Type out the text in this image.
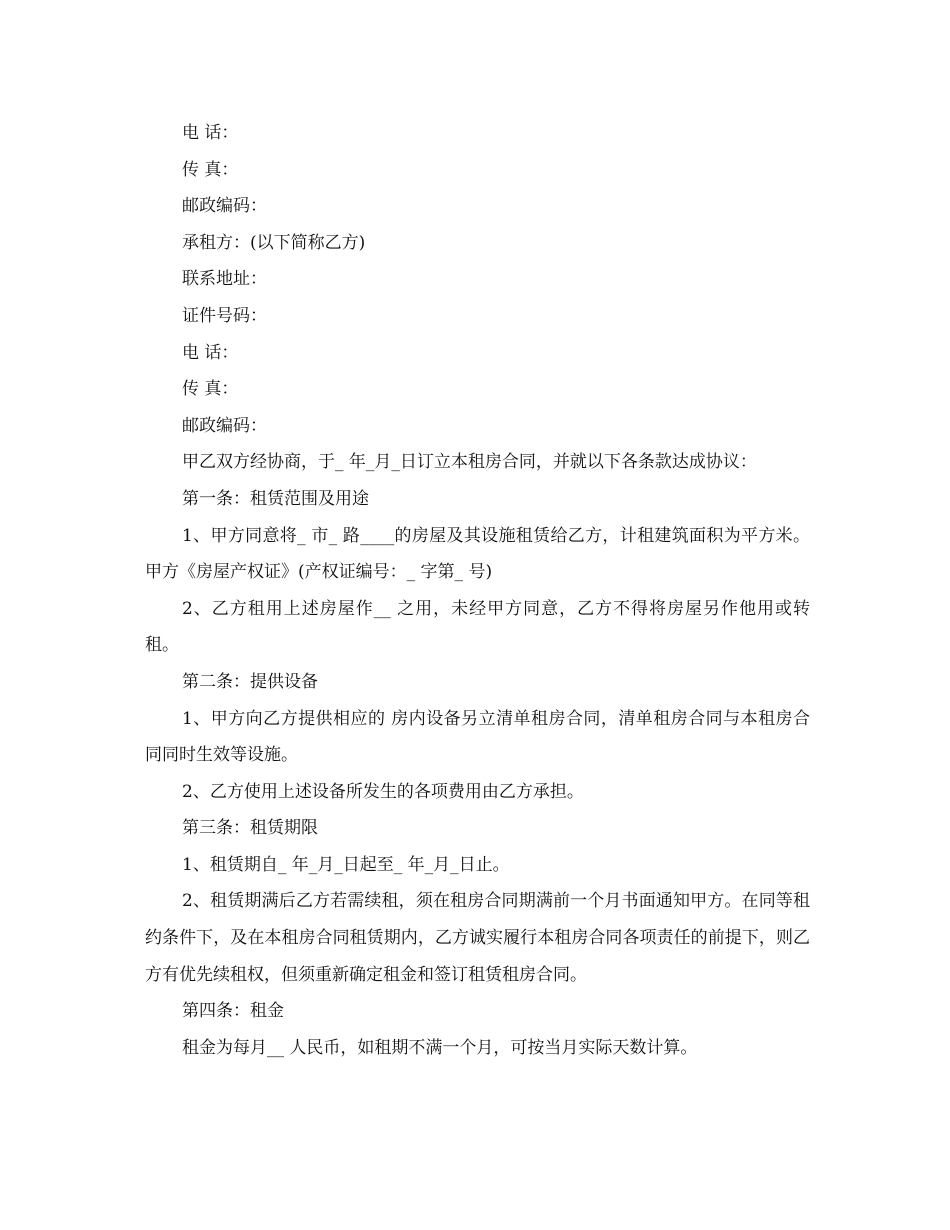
电 话：

传 真：

邮政编码：

承租方：(以下简称乙方)

联系地址：

证件号码：

电 话：

传 真：

邮政编码：

甲乙双方经协商，于_ 年_月_日订立本租房合同，并就以下各条款达成协议：

第一条：租赁范围及用途

1、甲方同意将_ 市_ 路____的房屋及其设施租赁给乙方，计租建筑面积为平方米。甲方《房屋产权证》(产权证编号：_ 字第_ 号)

2、乙方租用上述房屋作__ 之用，未经甲方同意，乙方不得将房屋另作他用或转租。

第二条：提供设备

1、甲方向乙方提供相应的 房内设备另立清单租房合同，清单租房合同与本租房合同同时生效等设施。

2、乙方使用上述设备所发生的各项费用由乙方承担。

第三条：租赁期限

1、租赁期自_ 年_月_日起至_ 年_月_日止。

2、租赁期满后乙方若需续租，须在租房合同期满前一个月书面通知甲方。在同等租约条件下，及在本租房合同租赁期内，乙方诚实履行本租房合同各项责任的前提下，则乙方有优先续租权，但须重新确定租金和签订租赁租房合同。

第四条：租金

租金为每月__ 人民币，如租期不满一个月，可按当月实际天数计算。
